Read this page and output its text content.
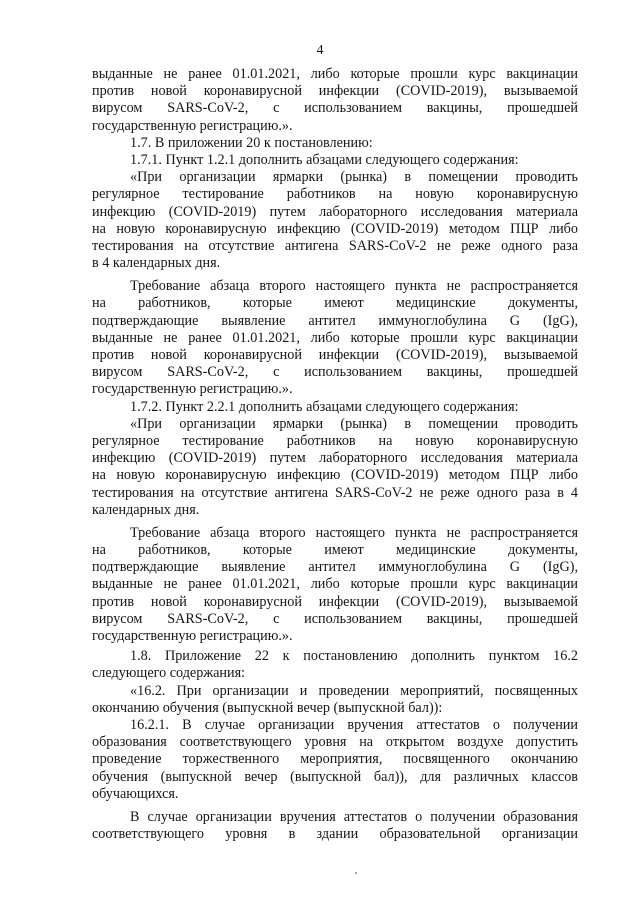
4
выданные не ранее 01.01.2021, либо которые прошли курс вакцинации
против новой коронавирусной инфекции (COVID-2019), вызываемой
вирусом SARS-CoV-2, с использованием вакцины, прошедшей
государственную регистрацию.».
1.7. В приложении 20 к постановлению:
1.7.1. Пункт 1.2.1 дополнить абзацами следующего содержания:
«При организации ярмарки (рынка) в помещении проводить
регулярное тестирование работников на новую коронавирусную
инфекцию (COVID-2019) путем лабораторного исследования материала
на новую коронавирусную инфекцию (COVID-2019) методом ПЦР либо
тестирования на отсутствие антигена SARS-CoV-2 не реже одного раза
в 4 календарных дня.
Требование абзаца второго настоящего пункта не распространяется
на работников, которые имеют медицинские документы,
подтверждающие выявление антител иммуноглобулина G (IgG),
выданные не ранее 01.01.2021, либо которые прошли курс вакцинации
против новой коронавирусной инфекции (COVID-2019), вызываемой
вирусом SARS-CoV-2, с использованием вакцины, прошедшей
государственную регистрацию.».
1.7.2. Пункт 2.2.1 дополнить абзацами следующего содержания:
«При организации ярмарки (рынка) в помещении проводить
регулярное тестирование работников на новую коронавирусную
инфекцию (COVID-2019) путем лабораторного исследования материала
на новую коронавирусную инфекцию (COVID-2019) методом ПЦР либо
тестирования на отсутствие антигена SARS-CoV-2 не реже одного раза в 4
календарных дня.
Требование абзаца второго настоящего пункта не распространяется
на работников, которые имеют медицинские документы,
подтверждающие выявление антител иммуноглобулина G (IgG),
выданные не ранее 01.01.2021, либо которые прошли курс вакцинации
против новой коронавирусной инфекции (COVID-2019), вызываемой
вирусом SARS-CoV-2, с использованием вакцины, прошедшей
государственную регистрацию.».
1.8. Приложение 22 к постановлению дополнить пунктом 16.2
следующего содержания:
«16.2. При организации и проведении мероприятий, посвященных
окончанию обучения (выпускной вечер (выпускной бал)):
16.2.1. В случае организации вручения аттестатов о получении
образования соответствующего уровня на открытом воздухе допустить
проведение торжественного мероприятия, посвященного окончанию
обучения (выпускной вечер (выпускной бал)), для различных классов
обучающихся.
В случае организации вручения аттестатов о получении образования
соответствующего уровня в здании образовательной организации
